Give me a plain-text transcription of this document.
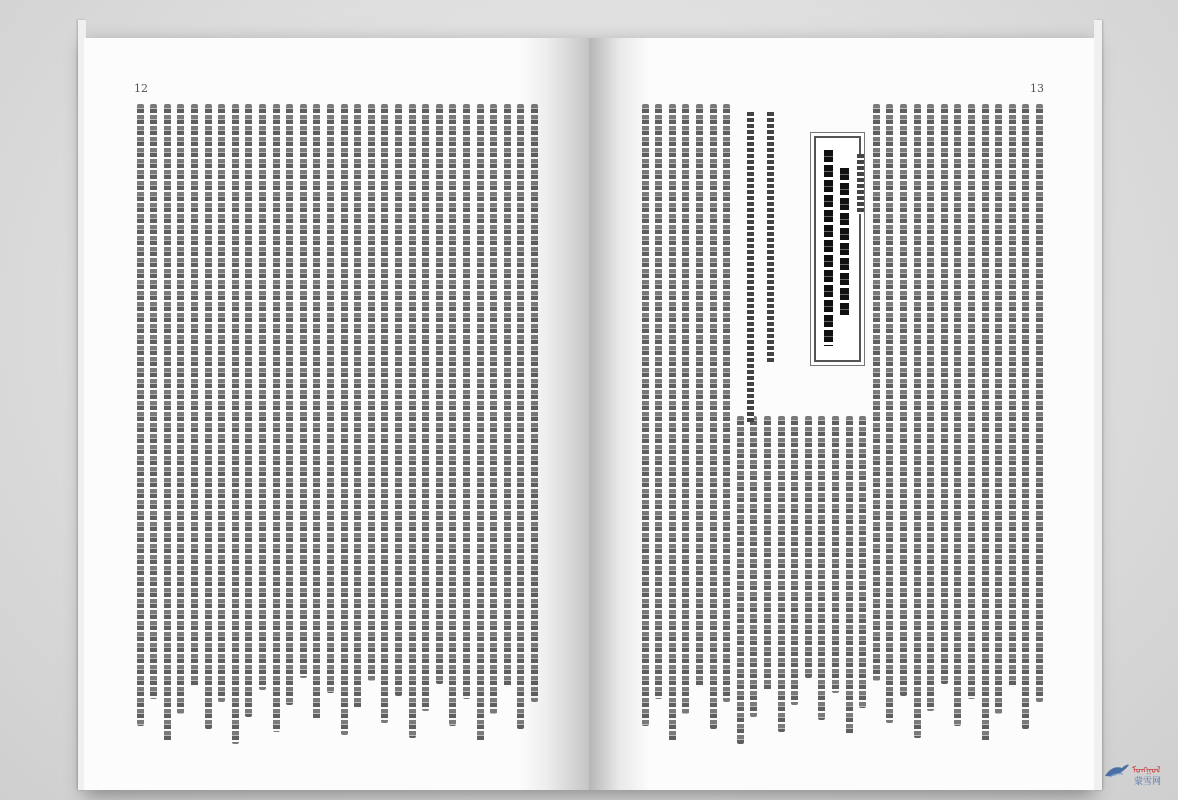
12	13
ᠮᠣᠩᠭᠣᠯ
蒙雪网
